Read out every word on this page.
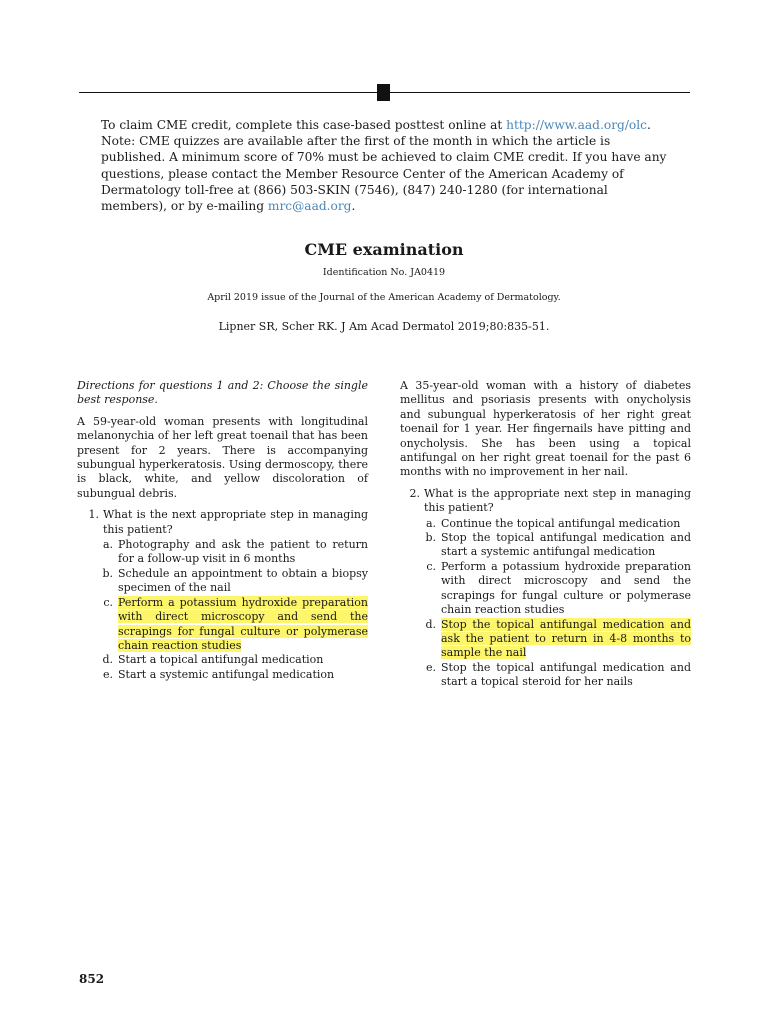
To claim CME credit, complete this case-based posttest online at http://www.aad.org/olc. Note: CME quizzes are available after the first of the month in which the article is published. A minimum score of 70% must be achieved to claim CME credit. If you have any questions, please contact the Member Resource Center of the American Academy of Dermatology toll-free at (866) 503-SKIN (7546), (847) 240-1280 (for international members), or by e-mailing mrc@aad.org.

CME examination

Identification No. JA0419

April 2019 issue of the Journal of the American Academy of Dermatology.

Lipner SR, Scher RK. J Am Acad Dermatol 2019;80:835-51.

Directions for questions 1 and 2: Choose the single best response.

A 59-year-old woman presents with longitudinal melanonychia of her left great toenail that has been present for 2 years. There is accompanying subungual hyperkeratosis. Using dermoscopy, there is black, white, and yellow discoloration of subungual debris.

1. What is the next appropriate step in managing this patient?
a. Photography and ask the patient to return for a follow-up visit in 6 months
b. Schedule an appointment to obtain a biopsy specimen of the nail
c. Perform a potassium hydroxide preparation with direct microscopy and send the scrapings for fungal culture or polymerase chain reaction studies
d. Start a topical antifungal medication
e. Start a systemic antifungal medication

A 35-year-old woman with a history of diabetes mellitus and psoriasis presents with onycholysis and subungual hyperkeratosis of her right great toenail for 1 year. Her fingernails have pitting and onycholysis. She has been using a topical antifungal on her right great toenail for the past 6 months with no improvement in her nail.

2. What is the appropriate next step in managing this patient?
a. Continue the topical antifungal medication
b. Stop the topical antifungal medication and start a systemic antifungal medication
c. Perform a potassium hydroxide preparation with direct microscopy and send the scrapings for fungal culture or polymerase chain reaction studies
d. Stop the topical antifungal medication and ask the patient to return in 4-8 months to sample the nail
e. Stop the topical antifungal medication and start a topical steroid for her nails
852
